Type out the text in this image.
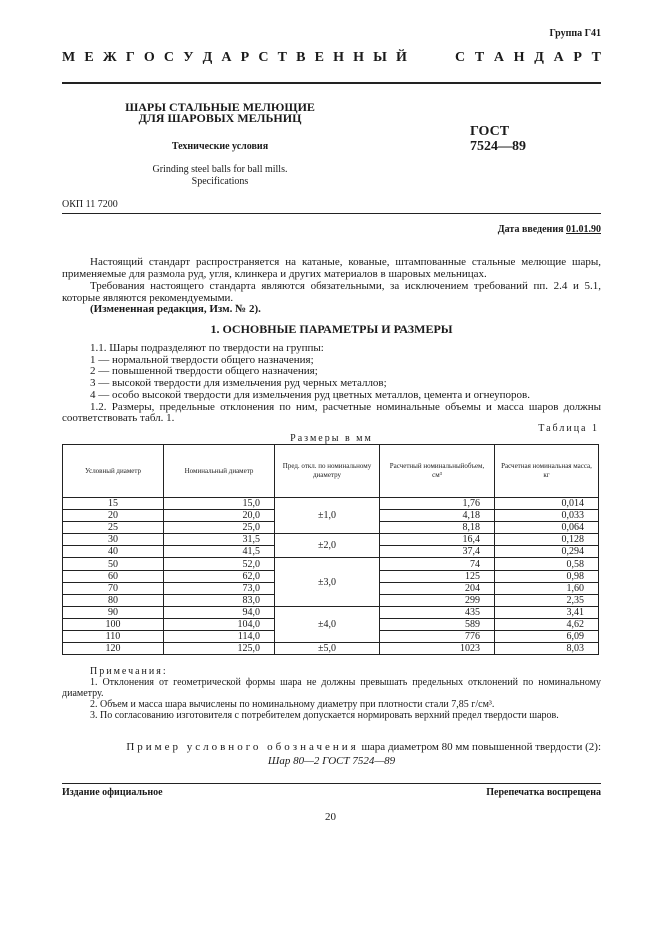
Группа Г41
М Е Ж Г О С У Д А Р С Т В Е Н Н Ы Й	С Т А Н Д А Р Т
ШАРЫ СТАЛЬНЫЕ МЕЛЮЩИЕ
ДЛЯ ШАРОВЫХ МЕЛЬНИЦ
Технические условия
Grinding steel balls for ball mills.
Specifications
ГОСТ
7524—89
ОКП 11 7200
Дата введения 01.01.90
Настоящий стандарт распространяется на катаные, кованые, штампованные стальные мелющие шары, применяемые для размола руд, угля, клинкера и других материалов в шаровых мельницах.
Требования настоящего стандарта являются обязательными, за исключением требований пп. 2.4 и 5.1, которые являются рекомендуемыми.
(Измененная редакция, Изм. № 2).
1. ОСНОВНЫЕ ПАРАМЕТРЫ И РАЗМЕРЫ
1.1. Шары подразделяют по твердости на группы:
1 — нормальной твердости общего назначения;
2 — повышенной твердости общего назначения;
3 — высокой твердости для измельчения руд черных металлов;
4 — особо высокой твердости для измельчения руд цветных металлов, цемента и огнеупоров.
1.2. Размеры, предельные отклонения по ним, расчетные номинальные объемы и масса шаров должны соответствовать табл. 1.
Таблица 1
Размеры в мм
Условный диаметр	Номинальный диаметр	Пред. откл. по номинальному диаметру	Расчетный номинальныйобъем, см³	Расчетная номинальная масса, кг
15	15,0	±1,0	1,76	0,014
20	20,0		4,18	0,033
25	25,0		8,18	0,064
30	31,5	±2,0	16,4	0,128
40	41,5		37,4	0,294
50	52,0	±3,0	74	0,58
60	62,0		125	0,98
70	73,0		204	1,60
80	83,0		299	2,35
90	94,0	±4,0	435	3,41
100	104,0		589	4,62
110	114,0		776	6,09
120	125,0	±5,0	1023	8,03
Примечания:
1. Отклонения от геометрической формы шара не должны превышать предельных отклонений по номинальному диаметру.
2. Объем и масса шара вычислены по номинальному диаметру при плотности стали 7,85 г/см³.
3. По согласованию изготовителя с потребителем допускается нормировать верхний предел твердости шаров.
Пример условного обозначения шара диаметром 80 мм повышенной твердости (2):
Шар 80—2 ГОСТ 7524—89
Издание официальное	Перепечатка воспрещена
20
